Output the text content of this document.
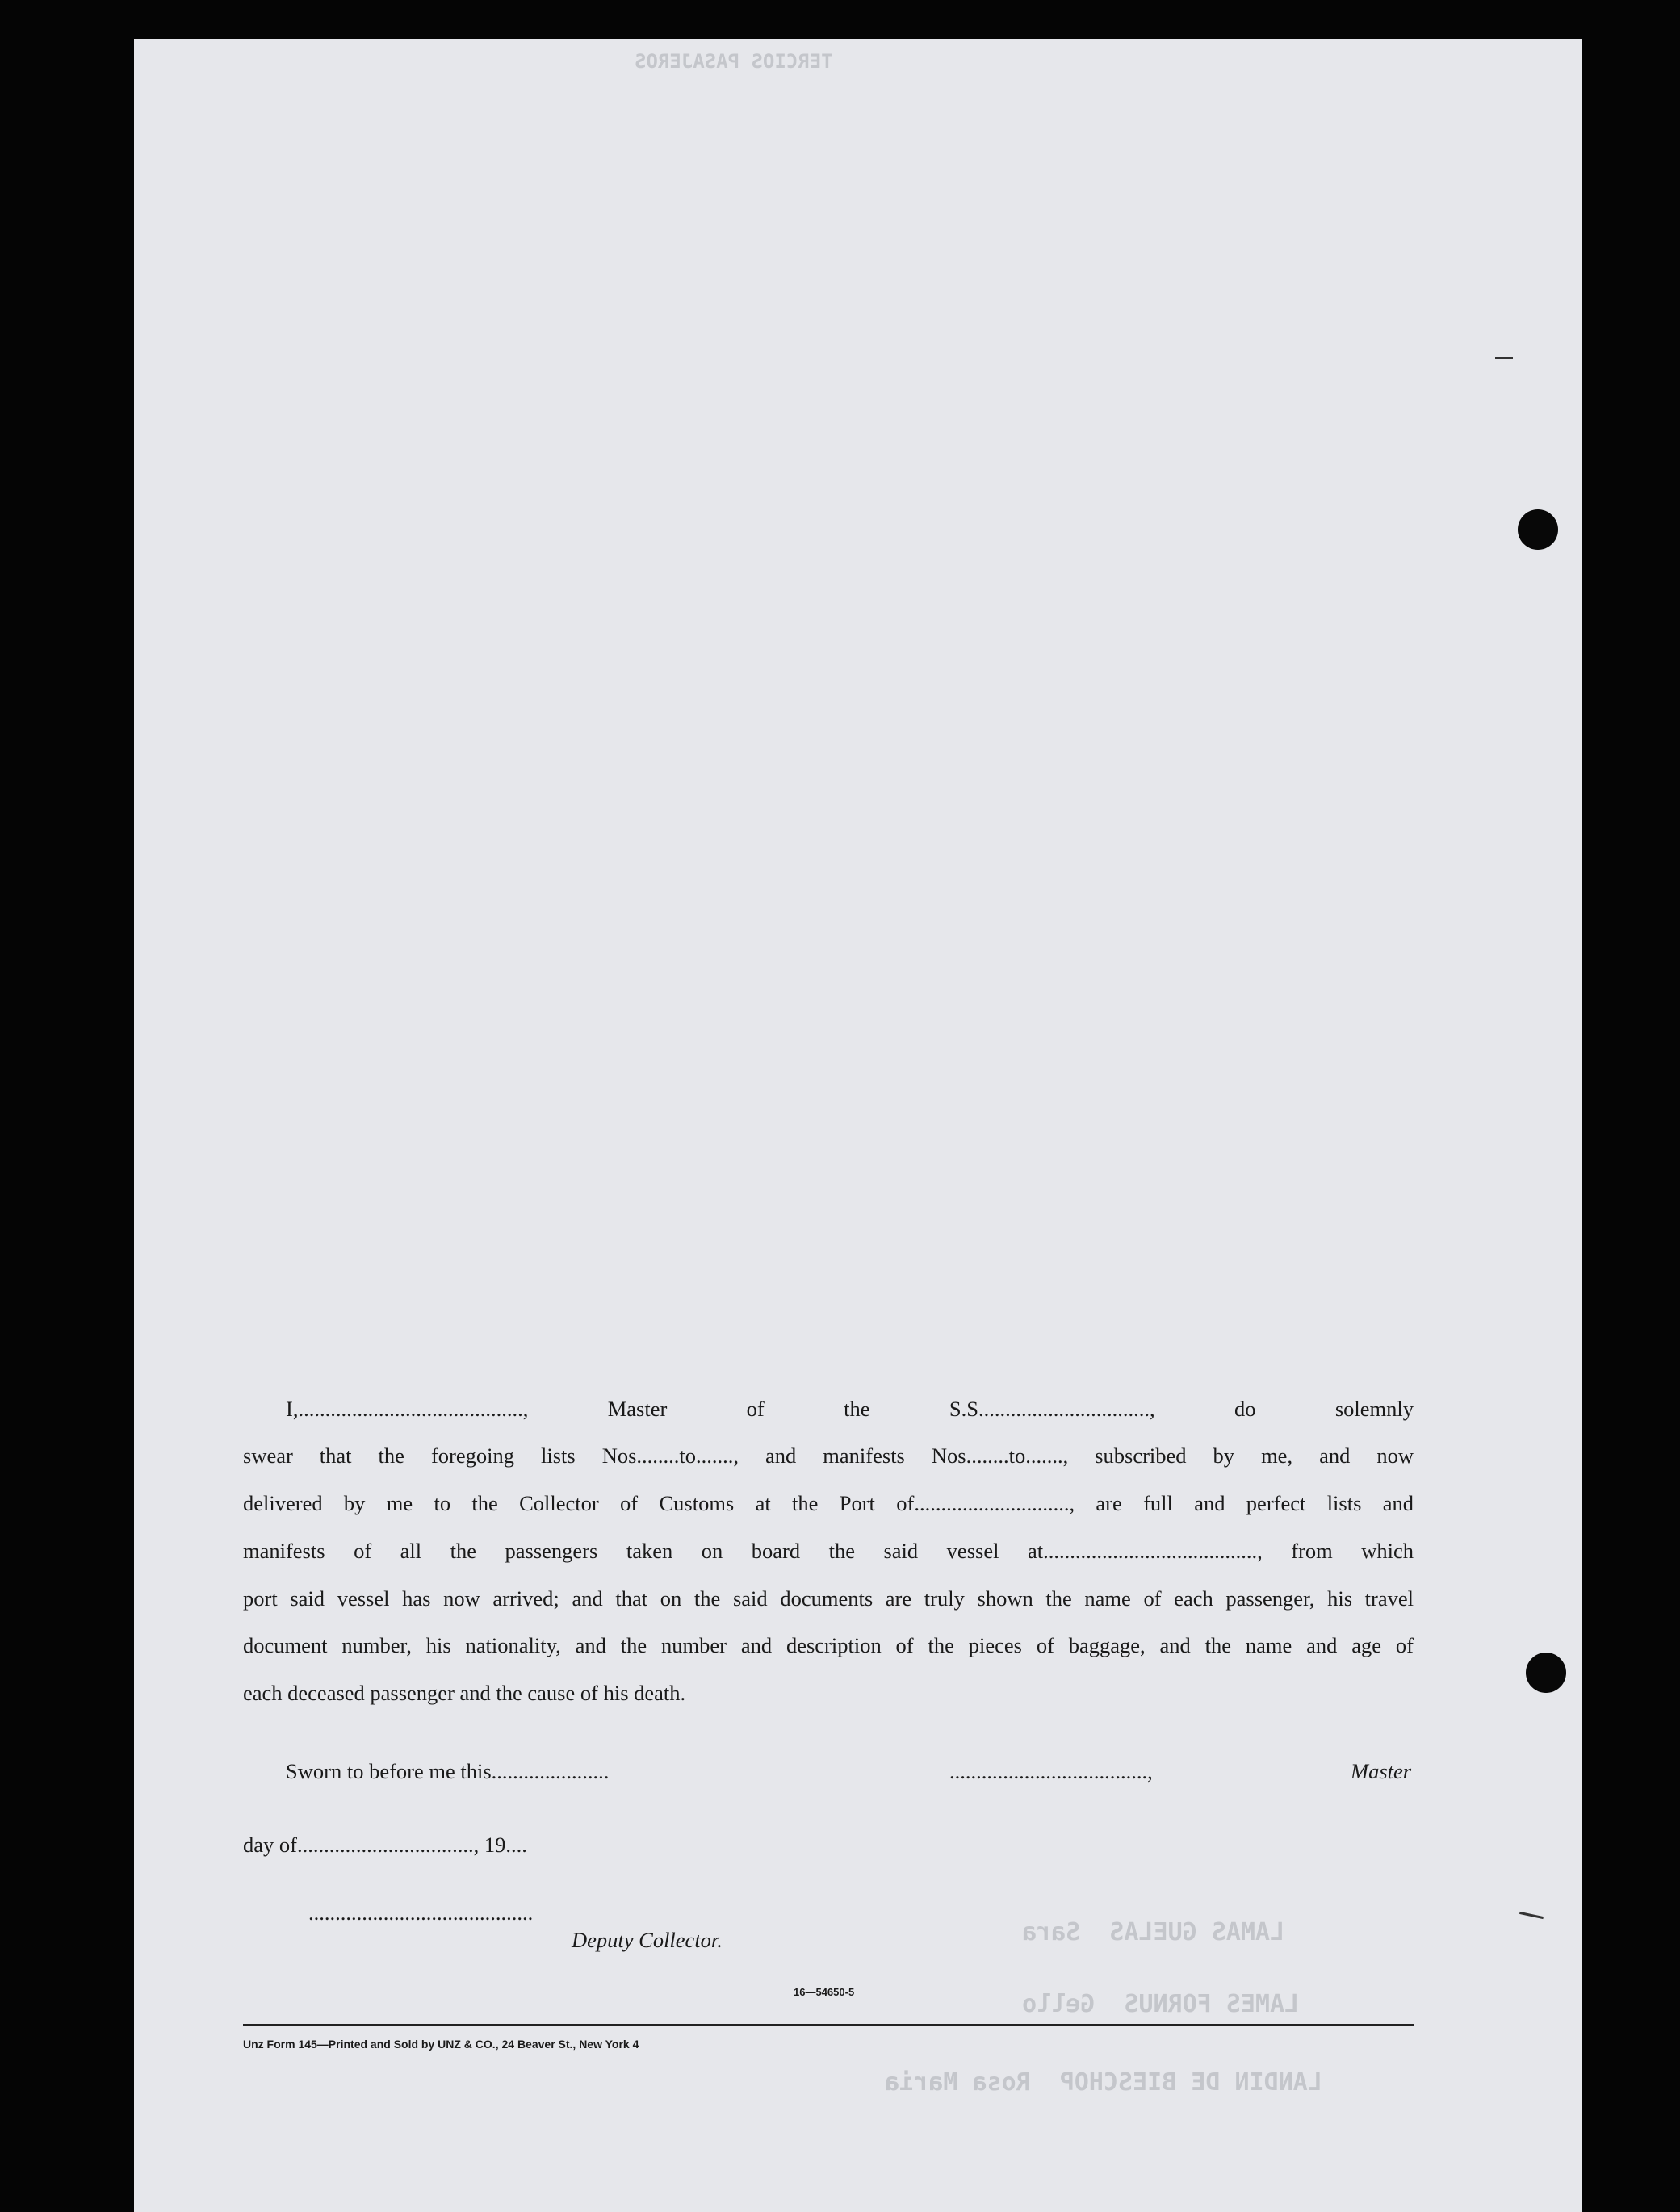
TERCIOS PASAJEROS
LAMAS GUELAS  Sara
LAMES FORNUS  Gello
LANDIN DE BIESCHOP  Rosa Maria
I,.........................................., Master of the S.S................................, do solemnly
swear that the foregoing lists Nos........to......., and manifests Nos........to......., subscribed by me, and now
delivered by me to the Collector of Customs at the Port of............................., are full and perfect lists and
manifests of all the passengers taken on board the said vessel at........................................, from which
port said vessel has now arrived; and that on the said documents are truly shown the name of each passenger, his travel
document number, his nationality, and the number and description of the pieces of baggage, and the name and age of
each deceased passenger and the cause of his death.
Sworn to before me this......................	.....................................,	Master
day of................................., 19....
..........................................
Deputy Collector.
16—54650-5
Unz Form 145—Printed and Sold by UNZ & CO., 24 Beaver St., New York 4
